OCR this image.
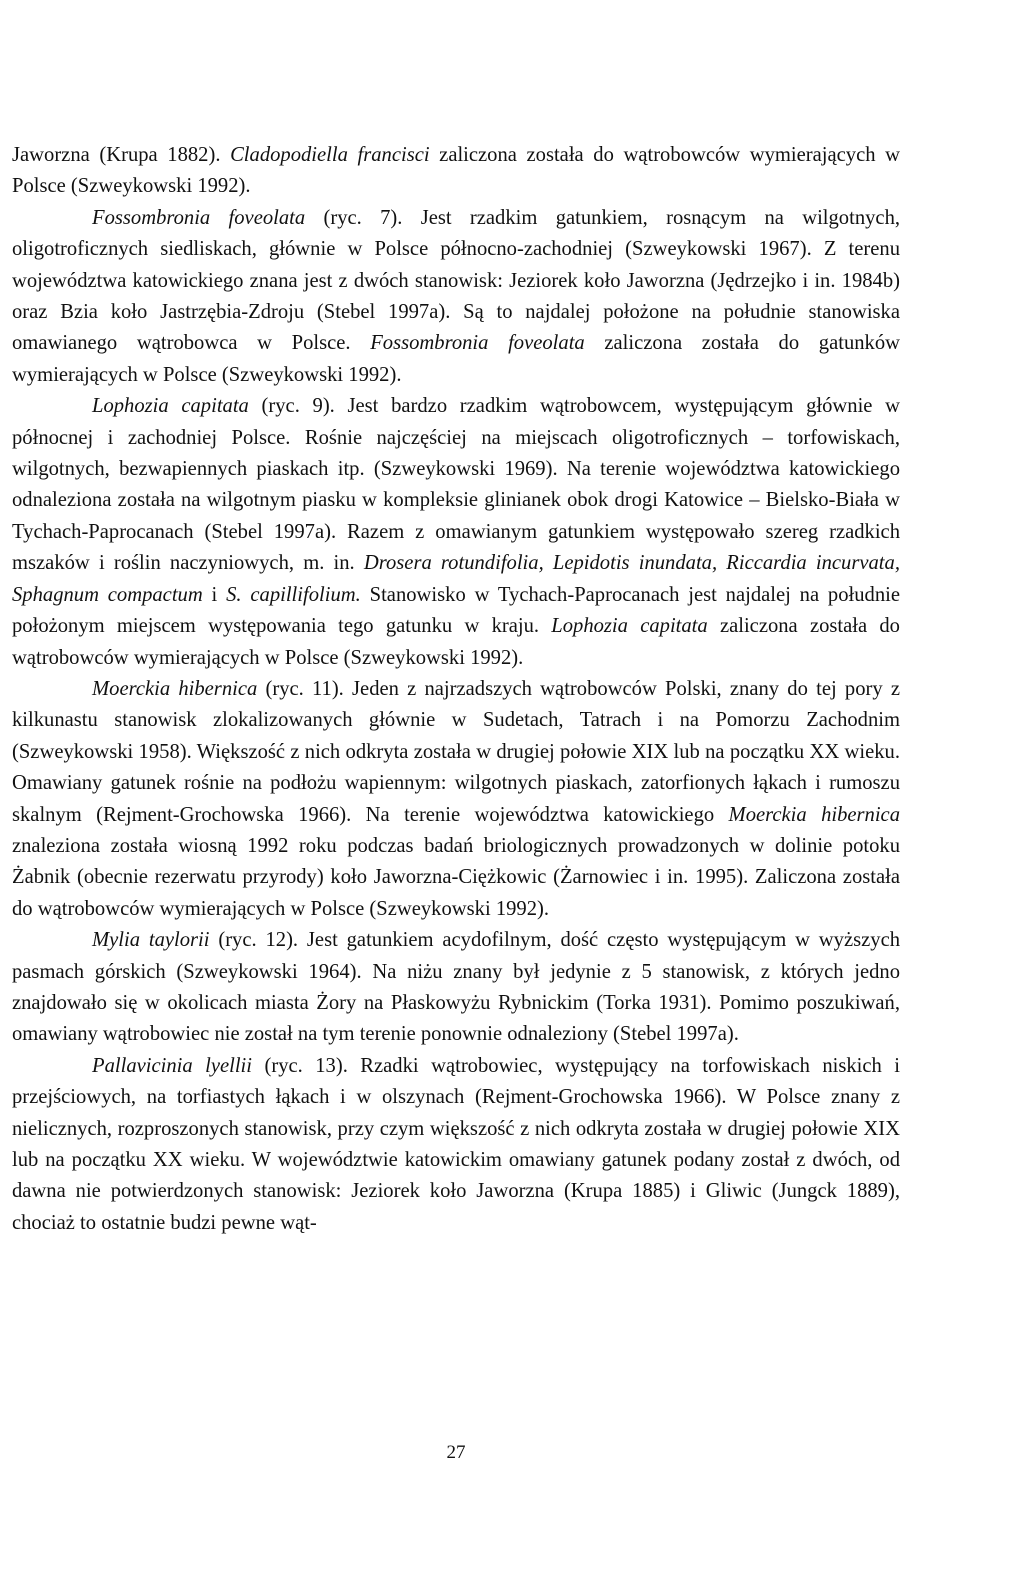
Jaworzna (Krupa 1882). Cladopodiella francisci zaliczona została do wątrobowców wymierających w Polsce (Szweykowski 1992).

Fossombronia foveolata (ryc. 7). Jest rzadkim gatunkiem, rosnącym na wilgotnych, oligotroficznych siedliskach, głównie w Polsce północno-zachodniej (Szweykowski 1967). Z terenu województwa katowickiego znana jest z dwóch stanowisk: Jeziorek koło Jaworzna (Jędrzejko i in. 1984b) oraz Bzia koło Jastrzębia-Zdroju (Stebel 1997a). Są to najdalej położone na południe stanowiska omawianego wątrobowca w Polsce. Fossombronia foveolata zaliczona została do gatunków wymierających w Polsce (Szweykowski 1992).

Lophozia capitata (ryc. 9). Jest bardzo rzadkim wątrobowcem, występującym głównie w północnej i zachodniej Polsce. Rośnie najczęściej na miejscach oligotroficznych – torfowiskach, wilgotnych, bezwapiennych piaskach itp. (Szweykowski 1969). Na terenie województwa katowickiego odnaleziona została na wilgotnym piasku w kompleksie glinianek obok drogi Katowice – Bielsko-Biała w Tychach-Paprocanach (Stebel 1997a). Razem z omawianym gatunkiem występowało szereg rzadkich mszaków i roślin naczyniowych, m. in. Drosera rotundifolia, Lepidotis inundata, Riccardia incurvata, Sphagnum compactum i S. capillifolium. Stanowisko w Tychach-Paprocanach jest najdalej na południe położonym miejscem występowania tego gatunku w kraju. Lophozia capitata zaliczona została do wątrobowców wymierających w Polsce (Szweykowski 1992).

Moerckia hibernica (ryc. 11). Jeden z najrzadszych wątrobowców Polski, znany do tej pory z kilkunastu stanowisk zlokalizowanych głównie w Sudetach, Tatrach i na Pomorzu Zachodnim (Szweykowski 1958). Większość z nich odkryta została w drugiej połowie XIX lub na początku XX wieku. Omawiany gatunek rośnie na podłożu wapiennym: wilgotnych piaskach, zatorfionych łąkach i rumoszu skalnym (Rejment-Grochowska 1966). Na terenie województwa katowickiego Moerckia hibernica znaleziona została wiosną 1992 roku podczas badań briologicznych prowadzonych w dolinie potoku Żabnik (obecnie rezerwatu przyrody) koło Jaworzna-Ciężkowic (Żarnowiec i in. 1995). Zaliczona została do wątrobowców wymierających w Polsce (Szweykowski 1992).

Mylia taylorii (ryc. 12). Jest gatunkiem acydofilnym, dość często występującym w wyższych pasmach górskich (Szweykowski 1964). Na niżu znany był jedynie z 5 stanowisk, z których jedno znajdowało się w okolicach miasta Żory na Płaskowyżu Rybnickim (Torka 1931). Pomimo poszukiwań, omawiany wątrobowiec nie został na tym terenie ponownie odnaleziony (Stebel 1997a).

Pallavicinia lyellii (ryc. 13). Rzadki wątrobowiec, występujący na torfowiskach niskich i przejściowych, na torfiastych łąkach i w olszynach (Rejment-Grochowska 1966). W Polsce znany z nielicznych, rozproszonych stanowisk, przy czym większość z nich odkryta została w drugiej połowie XIX lub na początku XX wieku. W województwie katowickim omawiany gatunek podany został z dwóch, od dawna nie potwierdzonych stanowisk: Jeziorek koło Jaworzna (Krupa 1885) i Gliwic (Jungck 1889), chociaż to ostatnie budzi pewne wąt-

27
